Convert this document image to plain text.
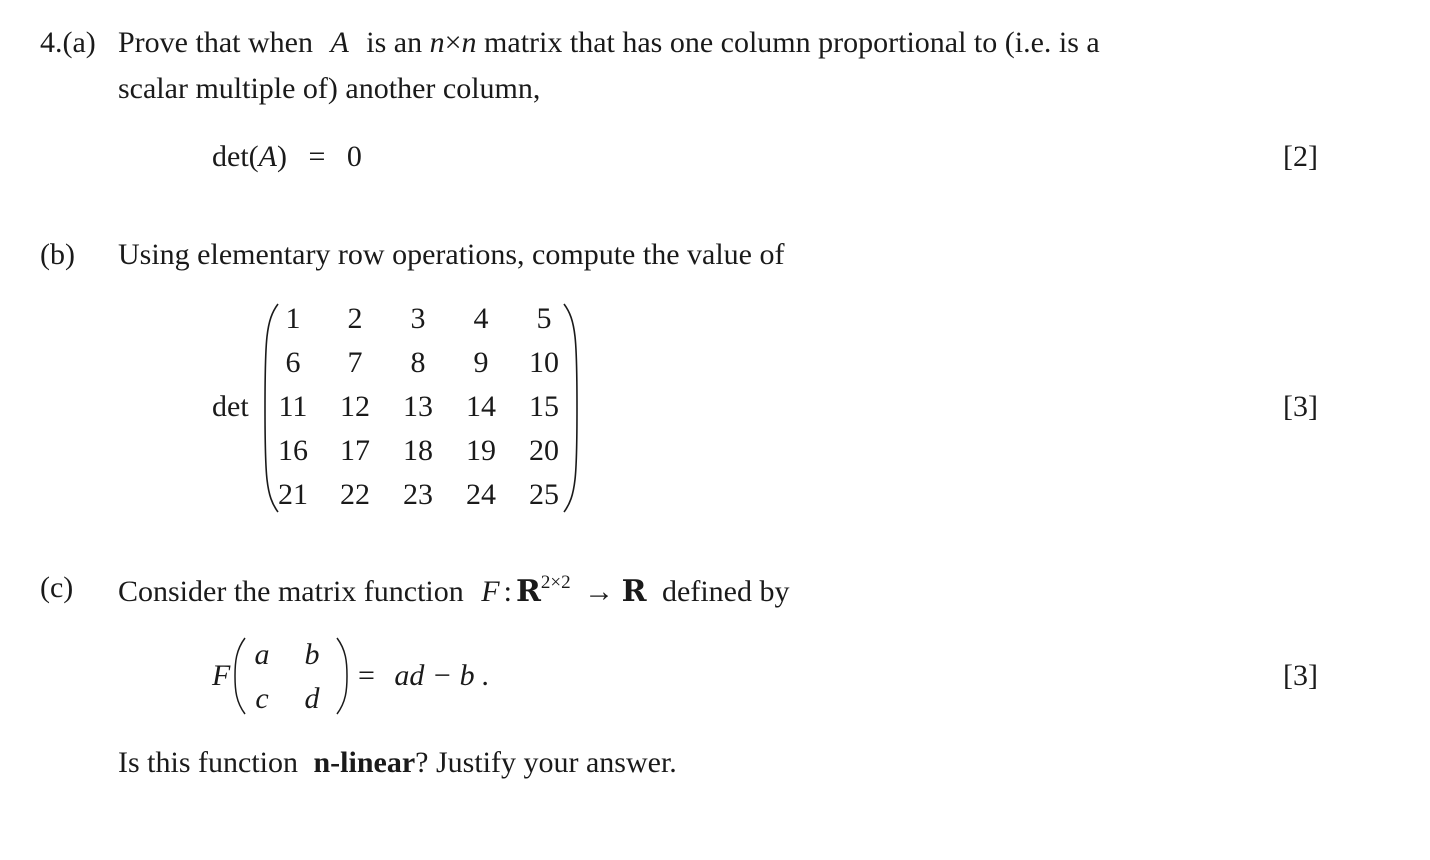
4.(a) Prove that when A is an n×n matrix that has one column proportional to (i.e. is a
scalar multiple of) another column,
det(A) = 0	[2]
(b) Using elementary row operations, compute the value of
det
1	2	3	4	5
6	7	8	9	10
11	12	13	14	15
16	17	18	19	20
21	22	23	24	25
[3]
(c) Consider the matrix function F : $R^{2\times 2} \to R$ defined by
F
a	b
c	d
= ad − b .	[3]
Is this function n-linear? Justify your answer.
